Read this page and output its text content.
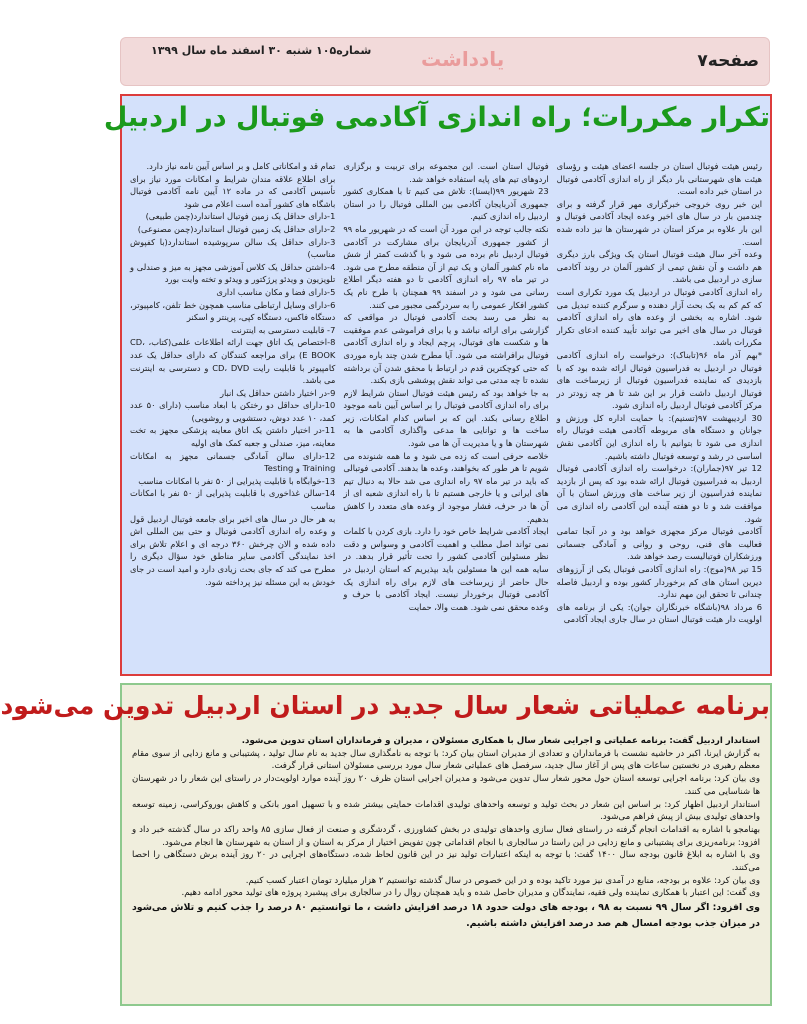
صفحه۷
یادداشت
شماره۱۰۵ شنبه ۳۰ اسفند ماه سال ۱۳۹۹
تکرار مکررات؛ راه اندازی آکادمی فوتبال در اردبیل

رئیس هیئت فوتبال استان در جلسه اعضای هیئت و رؤسای هیئت های شهرستانی بار دیگر از راه اندازی آکادمی فوتبال در استان خبر داده است.

این خبر روی خروجی خبرگزاری مهر قرار گرفته و برای چندمین بار در سال های اخیر وعده ایجاد آکادمی فوتبال و این بار علاوه بر مرکز استان در شهرستان ها نیز داده شده است.

وعده آخر سال هیئت فوتبال استان یک ویژگی بارز دیگری هم داشت و آن نقش تیمی از کشور آلمان در روند آکادمی سازی در اردبیل می باشد.

راه اندازی آکادمی فوتبال در اردبیل یک مورد تکراری است که کم کم به یک بحث آزار دهنده و سرگرم کننده تبدیل می شود. اشاره به بخشی از وعده های راه اندازی آکادمی فوتبال در سال های اخیر می تواند تأیید کننده ادعای تکرار مکررات باشد.

*بهم آذر ماه ۹۶(تابناک): درخواست راه اندازی آکادمی فوتبال در اردبیل به فدراسیون فوتبال ارائه شده بود که با بازدیدی که نماینده فدراسیون فوتبال از زیرساخت های فوتبال اردبیل داشت قرار بر این شد تا هر چه زودتر در مرکز آکادمی فوتبال اردبیل راه اندازی شود.

30 اردیبهشت ۹۷(تسنیم): با حمایت اداره کل ورزش و جوانان و دستگاه های مربوطه آکادمی هیئت فوتبال راه اندازی می شود تا بتوانیم با راه اندازی این آکادمی نقش اساسی در رشد و توسعه فوتبال داشته باشیم.

12 تیر ۹۷(جماران): درخواست راه اندازی آکادمی فوتبال اردبیل به فدراسیون فوتبال ارائه شده بود که پس از بازدید نماینده فدراسیون از زیر ساخت های ورزش استان با آن موافقت شد و تا دو هفته آینده این آکادمی راه اندازی می شود.

آکادمی فوتبال مرکز مجهزی خواهد بود و در آنجا تمامی فعالیت های فنی، روحی و روانی و آمادگی جسمانی ورزشکاران فوتبالیست رصد خواهد شد.

15 تیر ۹۸(موج): راه اندازی آکادمی فوتبال یکی از آرزوهای دیرین استان های کم برخوردار کشور بوده و اردبیل فاصله چندانی تا تحقق این مهم ندارد.

6 مرداد ۹۸(باشگاه خبرنگاران جوان): یکی از برنامه های اولویت دار هیئت فوتبال استان در سال جاری ایجاد آکادمی

فوتبال استان است. این مجموعه برای تربیت و برگزاری اردوهای تیم های پایه استفاده خواهد شد.

23 شهریور ۹۹(ایسنا): تلاش می کنیم تا با همکاری کشور جمهوری آذربایجان آکادمی بین المللی فوتبال را در استان اردبیل راه اندازی کنیم.

نکته جالب توجه در این مورد آن است که در شهریور ماه ۹۹ از کشور جمهوری آذربایجان برای مشارکت در آکادمی فوتبال اردبیل نام برده می شود و با گذشت کمتر از شش ماه نام کشور آلمان و یک تیم از آن منطقه مطرح می شود. در تیر ماه ۹۷ راه اندازی آکادمی تا دو هفته دیگر اطلاع رسانی می شود و در اسفند ۹۹ همچنان با طرح نام یک کشور افکار عمومی را به سردرگمی مجبور می کنند.

به نظر می رسد بحث آکادمی فوتبال در مواقعی که گزارشی برای ارائه نباشد و یا برای فراموشی عدم موفقیت ها و شکست های فوتبال، پرچم ایجاد و راه اندازی آکادمی فوتبال برافراشته می شود. آیا مطرح شدن چند باره موردی که حتی کوچکترین قدم در ارتباط با محقق شدن آن برداشته نشده تا چه مدتی می تواند نقش پوششی بازی بکند.

به جا خواهد بود که رئیس هیئت فوتبال استان شرایط لازم برای راه اندازی آکادمی فوتبال را بر اساس آیین نامه موجود اطلاع رسانی بکند. این که بر اساس کدام امکانات، زیر ساخت ها و توانایی ها مدعی واگذاری آکادمی ها به شهرستان ها و یا مدیریت آن ها می شود.

خلاصه حرفی است که زده می شود و ما همه شنونده می شویم تا هر طور که بخواهند، وعده ها بدهند. آکادمی فوتبالی که باید در تیر ماه ۹۷ راه اندازی می شد حالا به دنبال تیم های ایرانی و یا خارجی هستیم تا با راه اندازی شعبه ای از آن ها در حرف، فشار موجود از وعده های متعدد را کاهش بدهیم.

ایجاد آکادمی شرایط خاص خود را دارد. بازی کردن با کلمات نمی تواند اصل مطلب و اهمیت آکادمی و وسواس و دقت نظر مسئولین آکادمی کشور را تحت تأثیر قرار بدهد. در سایه همه این ها مسئولین باید بپذیریم که استان اردبیل در حال حاضر از زیرساخت های لازم برای راه اندازی یک آکادمی فوتبال برخوردار نیست. ایجاد آکادمی با حرف و وعده محقق نمی شود. همت والا، حمایت

تمام قد و امکاناتی کامل و بر اساس آیین نامه نیاز دارد.

برای اطلاع علاقه مندان شرایط و امکانات مورد نیاز برای تأسیس آکادمی که در ماده ۱۲ آیین نامه آکادمی فوتبال باشگاه های کشور آمده است اعلام می شود

1-دارای حداقل یک زمین فوتبال استاندارد(چمن طبیعی)

2-دارای حداقل یک زمین فوتبال استاندارد(چمن مصنوعی)

3-دارای حداقل یک سالن سرپوشیده استاندارد(با کفپوش مناسب)

4-داشتن حداقل یک کلاس آموزشی مجهز به میز و صندلی و تلویزیون و ویدئو پرژکتور و ویدئو و تخته وایت بورد

5-دارای فضا و مکان مناسب اداری

6-دارای وسایل ارتباطی مناسب همچون خط تلفن، کامپیوتر، دستگاه فاکس، دستگاه کپی، پرینتر و اسکنر

7- قابلیت دسترسی به اینترنت

8-اختصاص یک اتاق جهت ارائه اطلاعات علمی(کتاب، CD، E BOOK) برای مراجعه کنندگان که دارای حداقل یک عدد کامپیوتر با قابلیت رایت CD، DVD و دسترسی به اینترنت می باشد.

9-در اختیار داشتن حداقل یک انبار

10-دارای حداقل دو رختکن با ابعاد مناسب (دارای ۵۰ عدد کمد، ۱۰ عدد دوش، دستشویی و روشویی)

11-در اختیار داشتن یک اتاق معاینه پزشکی مجهز به تخت معاینه، میز، صندلی و جعبه کمک های اولیه

12-دارای سالن آمادگی جسمانی مجهز به امکانات Training و Testing

13-خوابگاه با قابلیت پذیرایی از ۵۰ نفر با امکانات مناسب

14-سالن غذاخوری با قابلیت پذیرایی از ۵۰ نفر با امکانات مناسب

به هر حال در سال های اخیر برای جامعه فوتبال اردبیل قول و وعده راه اندازی آکادمی فوتبال و حتی بین المللی اش داده شده و الان چرخش ۳۶۰ درجه ای و اعلام تلاش برای اخذ نمایندگی آکادمی سایر مناطق خود سؤال دیگری را مطرح می کند که جای بحث زیادی دارد و امید است در جای خودش به این مسئله نیز پرداخته شود.

برنامه عملیاتی شعار سال جدید در استان اردبیل تدوین می‌شود

استاندار اردبیل گفت: برنامه عملیاتی و اجرایی شعار سال با همکاری مسئولان ، مدیران و فرمانداران استان تدوین می‌شود.

به گزارش ایرنا، اکبر در حاشیه نشست با فرمانداران و تعدادی از مدیران استان بیان کرد: با توجه به نامگذاری سال جدید به نام سال تولید ، پشتیبانی و مانع زدایی از سوی مقام معظم رهبری در نخستین ساعات های پس از آغاز سال جدید، سرفصل های عملیاتی شعار سال مورد بررسی مسئولان استانی قرار گرفت.

وی بیان کرد: برنامه اجرایی توسعه استان حول محور شعار سال تدوین می‌شود و مدیران اجرایی استان ظرف ۲۰ روز آینده موارد اولویت‌دار در راستای این شعار را در شهرستان ها شناسایی می کنند.

استاندار اردبیل اظهار کرد: بر اساس این شعار در بحث تولید و توسعه واحدهای تولیدی اقدامات حمایتی بیشتر شده و با تسهیل امور بانکی و کاهش بوروکراسی، زمینه توسعه واحدهای تولیدی بیش از پیش فراهم می‌شود.

بهنامجو با اشاره به اقدامات انجام گرفته در راستای فعال سازی واحدهای تولیدی در بخش کشاورزی ، گردشگری و صنعت از فعال سازی ۸۵ واحد راکد در سال گذشته خبر داد و افزود: برنامه‌ریزی برای پشتیبانی و مانع زدایی در این راستا در سالجاری با انجام اقداماتی چون تفویض اختیار از مرکز به استان و از استان به شهرستان ها انجام می‌شود.

وی با اشاره به ابلاغ قانون بودجه سال ۱۴۰۰ گفت: با توجه به اینکه اعتبارات تولید نیز در این قانون لحاظ شده، دستگاه‌های اجرایی در ۲۰ روز آینده برش دستگاهی را احصا می‌کنند.

وی بیان کرد: علاوه بر بودجه، منابع در آمدی نیز مورد تاکید بوده و در این خصوص در سال گذشته توانستیم ۲ هزار میلیارد تومان اعتبار کسب کنیم.

وی گفت: این اعتبار با همکاری نماینده ولی فقیه، نمایندگان و مدیران حاصل شده و باید همچنان روال را در سالجاری برای پیشبرد پروژه های تولید محور ادامه دهیم.

وی افزود: اگر سال ۹۹ نسبت به ۹۸ ، بودجه های دولت حدود ۱۸ درصد افزایش داشت ، ما توانستیم ۸۰ درصد را جذب کنیم و تلاش می‌شود در میزان جذب بودجه امسال هم صد درصد افزایش داشته باشیم.
